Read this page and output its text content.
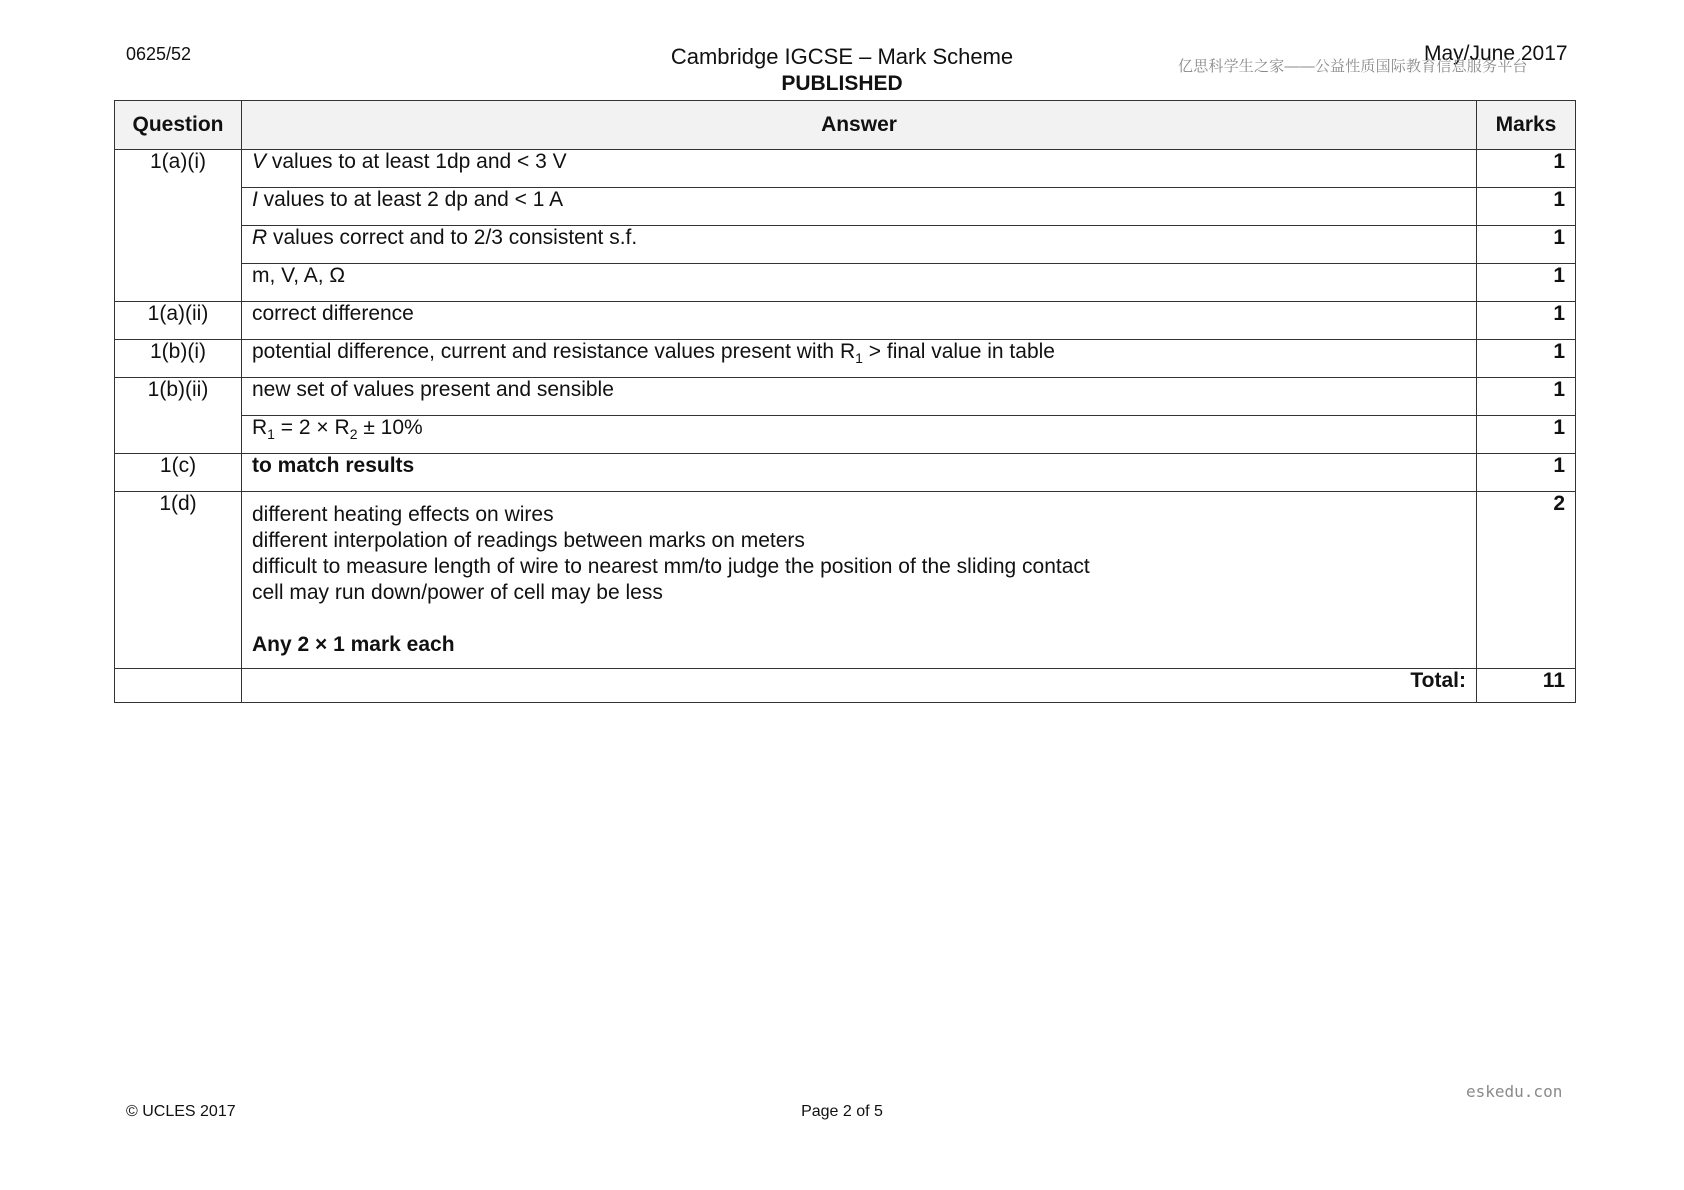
0625/52	Cambridge IGCSE – Mark Scheme
PUBLISHED
May/June 2017
亿思科学生之家——公益性质国际教育信息服务平台
Question	Answer	Marks
1(a)(i)	V values to at least 1dp and < 3 V	1
	I values to at least 2 dp and < 1 A	1
	R values correct and to 2/3 consistent s.f.	1
	m, V, A, Ω	1
1(a)(ii)	correct difference	1
1(b)(i)	potential difference, current and resistance values present with $R_1$ > final value in table	1
1(b)(ii)	new set of values present and sensible	1
	$R_1 = 2 \times R_2 \pm 10\%$	1
1(c)	to match results	1
1(d)	different heating effects on wires
different interpolation of readings between marks on meters
difficult to measure length of wire to nearest mm/to judge the position of the sliding contact
cell may run down/power of cell may be less
Any 2 × 1 mark each	2
	Total:	11
eskedu.con
© UCLES 2017	Page 2 of 5
